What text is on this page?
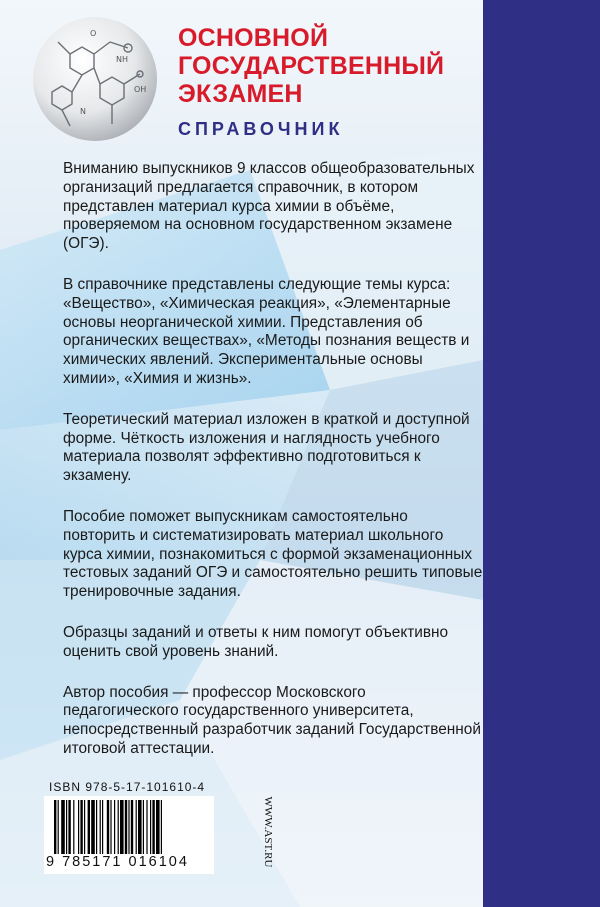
NH
OH
N
O	ОСНОВНОЙ
ГОСУДАРСТВЕННЫЙ
ЭКЗАМЕН
СПРАВОЧНИК

Вниманию выпускников 9 классов общеобразовательных организаций предлагается справочник, в котором представлен материал курса химии в объёме, проверяемом на основном государственном экзамене (ОГЭ).

В справочнике представлены следующие темы курса: «Вещество», «Химическая реакция», «Элементарные основы неорганической химии. Представления об органических веществах», «Методы познания веществ и химических явлений. Экспериментальные основы химии», «Химия и жизнь».

Теоретический материал изложен в краткой и доступной форме. Чёткость изложения и наглядность учебного материала позволят эффективно подготовиться к экзамену.

Пособие поможет выпускникам самостоятельно повторить и систематизировать материал школьного курса химии, познакомиться с формой экзаменационных тестовых заданий ОГЭ и самостоятельно решить типовые тренировочные задания.

Образцы заданий и ответы к ним помогут объективно оценить свой уровень знаний.

Автор пособия — профессор Московского педагогического государственного университета, непосредственный разработчик заданий Государственной итоговой аттестации.

ISBN 978-5-17-101610-4
9 785171 016104	WWW.AST.RU
